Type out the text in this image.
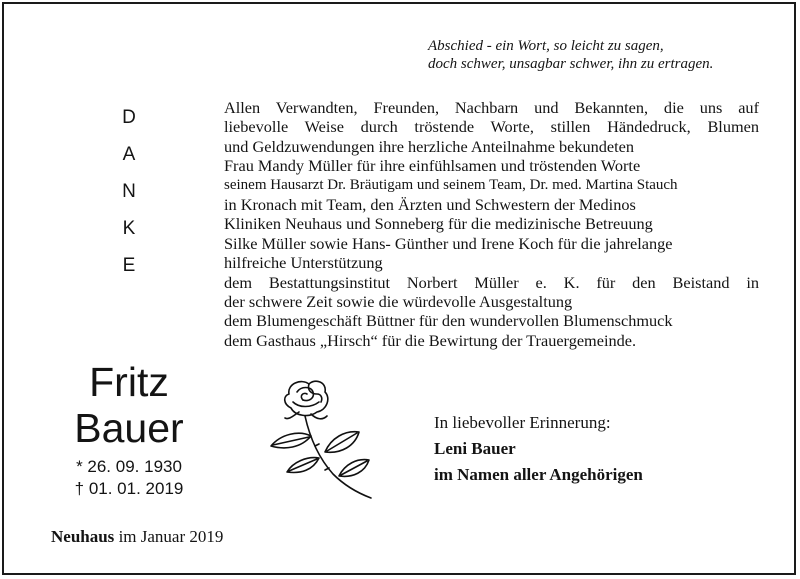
Abschied - ein Wort, so leicht zu sagen,
doch schwer, unsagbar schwer, ihn zu ertragen.
D
A
N
K
E
Allen Verwandten, Freunden, Nachbarn und Bekannten, die uns auf
liebevolle Weise durch tröstende Worte, stillen Händedruck, Blumen
und Geldzuwendungen ihre herzliche Anteilnahme bekundeten
Frau Mandy Müller für ihre einfühlsamen und tröstenden Worte
seinem Hausarzt Dr. Bräutigam und seinem Team, Dr. med. Martina Stauch
in Kronach mit Team, den Ärzten und Schwestern der Medinos
Kliniken Neuhaus und Sonneberg für die medizinische Betreuung
Silke Müller sowie Hans- Günther und Irene Koch für die jahrelange
hilfreiche Unterstützung
dem Bestattungsinstitut Norbert Müller e. K. für den Beistand in
der schwere Zeit sowie die würdevolle Ausgestaltung
dem Blumengeschäft Büttner für den wundervollen Blumenschmuck
dem Gasthaus „Hirsch“ für die Bewirtung der Trauergemeinde.
Fritz
Bauer
* 26. 09. 1930
† 01. 01. 2019
In liebevoller Erinnerung:
Leni Bauer
im Namen aller Angehörigen
Neuhaus im Januar 2019
